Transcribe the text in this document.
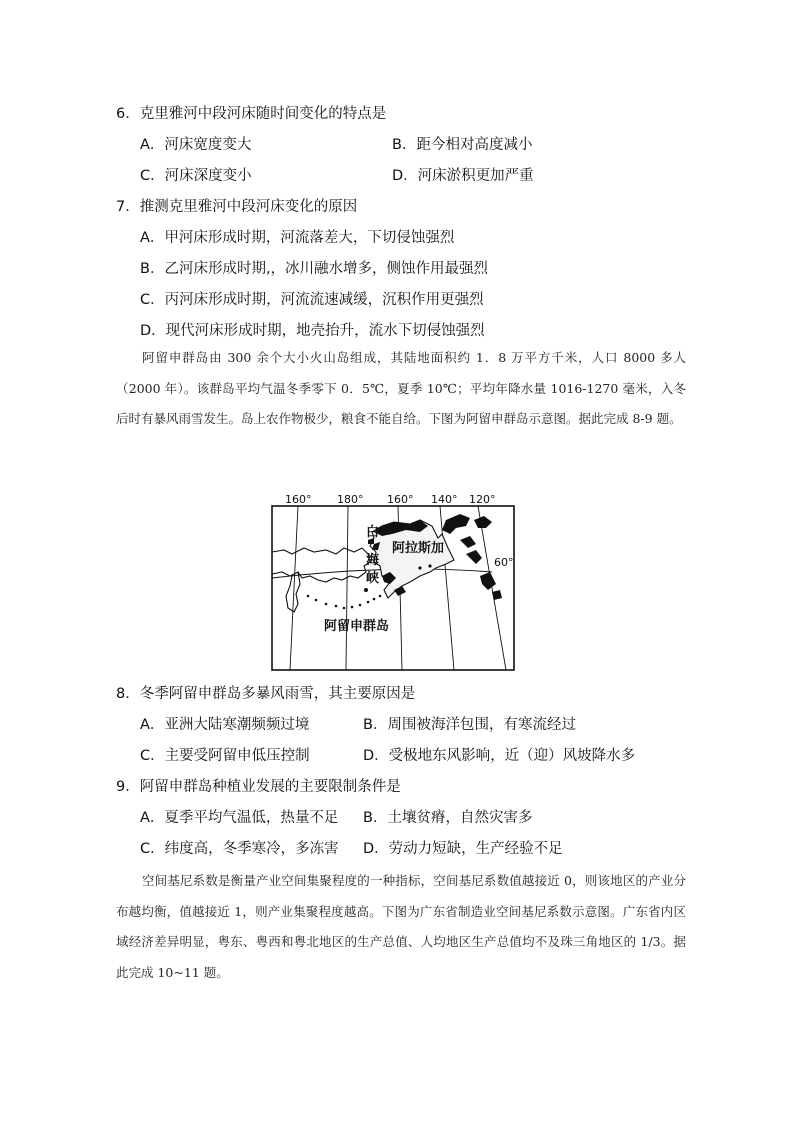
6．克里雅河中段河床随时间变化的特点是
A．河床宽度变大	B．距今相对高度减小
C．河床深度变小	D．河床淤积更加严重
7．推测克里雅河中段河床变化的原因
A．甲河床形成时期，河流落差大，下切侵蚀强烈
B．乙河床形成时期,，冰川融水增多，侧蚀作用最强烈
C．丙河床形成时期，河流流速减缓，沉积作用更强烈
D．现代河床形成时期，地壳抬升，流水下切侵蚀强烈

阿留申群岛由 300 余个大小火山岛组成，其陆地面积约 1．8 万平方千米，人口 8000 多人（2000 年）。该群岛平均气温冬季零下 0．5℃，夏季 10℃；平均年降水量 1016-1270 毫米，入冬后时有暴风雨雪发生。岛上农作物极少，粮食不能自给。下图为阿留申群岛示意图。据此完成 8-9 题。

160° 180° 160° 140° 120°
60°
白
海
峡
阿拉斯加
阿留申群岛
8．冬季阿留申群岛多暴风雨雪，其主要原因是
A．亚洲大陆寒潮频频过境	B．周围被海洋包围，有寒流经过
C．主要受阿留申低压控制	D．受极地东风影响，近（迎）风坡降水多
9．阿留申群岛种植业发展的主要限制条件是
A．夏季平均气温低，热量不足 B．土壤贫瘠，自然灾害多
C．纬度高，冬季寒冷，多冻害 D．劳动力短缺，生产经验不足

空间基尼系数是衡量产业空间集聚程度的一种指标，空间基尼系数值越接近 0，则该地区的产业分布越均衡，值越接近 1，则产业集聚程度越高。下图为广东省制造业空间基尼系数示意图。广东省内区域经济差异明显，粤东、粤西和粤北地区的生产总值、人均地区生产总值均不及珠三角地区的 1/3。据此完成 10~11 题。
